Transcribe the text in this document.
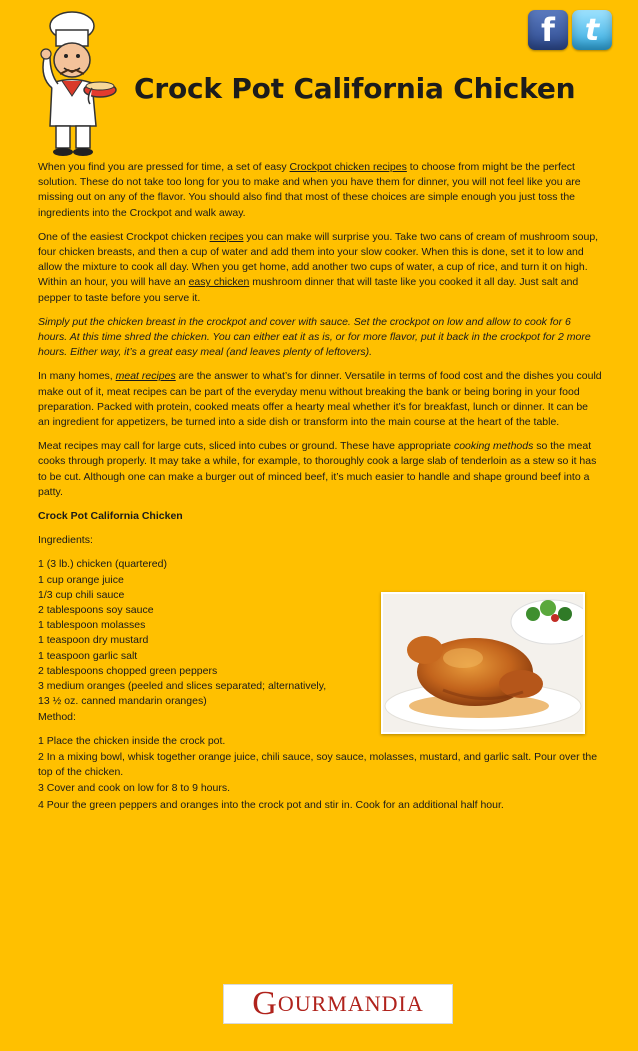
f t
Crock Pot California Chicken

When you find you are pressed for time, a set of easy Crockpot chicken recipes to choose from might be the perfect solution. These do not take too long for you to make and when you have them for dinner, you will not feel like you are missing out on any of the flavor. You should also find that most of these choices are simple enough you just toss the ingredients into the Crockpot and walk away.

One of the easiest Crockpot chicken recipes you can make will surprise you. Take two cans of cream of mushroom soup, four chicken breasts, and then a cup of water and add them into your slow cooker. When this is done, set it to low and allow the mixture to cook all day. When you get home, add another two cups of water, a cup of rice, and turn it on high. Within an hour, you will have an easy chicken mushroom dinner that will taste like you cooked it all day. Just salt and pepper to taste before you serve it.

Simply put the chicken breast in the crockpot and cover with sauce. Set the crockpot on low and allow to cook for 6 hours. At this time shred the chicken. You can either eat it as is, or for more flavor, put it back in the crockpot for 2 more hours. Either way, it’s a great easy meal (and leaves plenty of leftovers).

In many homes, meat recipes are the answer to what’s for dinner. Versatile in terms of food cost and the dishes you could make out of it, meat recipes can be part of the everyday menu without breaking the bank or being boring in your food preparation. Packed with protein, cooked meats offer a hearty meal whether it’s for breakfast, lunch or dinner. It can be an ingredient for appetizers, be turned into a side dish or transform into the main course at the heart of the table.

Meat recipes may call for large cuts, sliced into cubes or ground. These have appropriate cooking methods so the meat cooks through properly. It may take a while, for example, to thoroughly cook a large slab of tenderloin as a stew so it has to be cut. Although one can make a burger out of minced beef, it’s much easier to handle and shape ground beef into a patty.

Crock Pot California Chicken

Ingredients:

1 (3 lb.) chicken (quartered)
1 cup orange juice
1/3 cup chili sauce
2 tablespoons soy sauce
1 tablespoon molasses
1 teaspoon dry mustard
1 teaspoon garlic salt
2 tablespoons chopped green peppers
3 medium oranges (peeled and slices separated; alternatively,
13 ½ oz. canned mandarin oranges)

Method:

1 Place the chicken inside the crock pot.
2 In a mixing bowl, whisk together orange juice, chili sauce, soy sauce, molasses, mustard, and garlic salt. Pour over the top of the chicken.
3 Cover and cook on low for 8 to 9 hours.
4 Pour the green peppers and oranges into the crock pot and stir in. Cook for an additional half hour.
G OURMANDIA
